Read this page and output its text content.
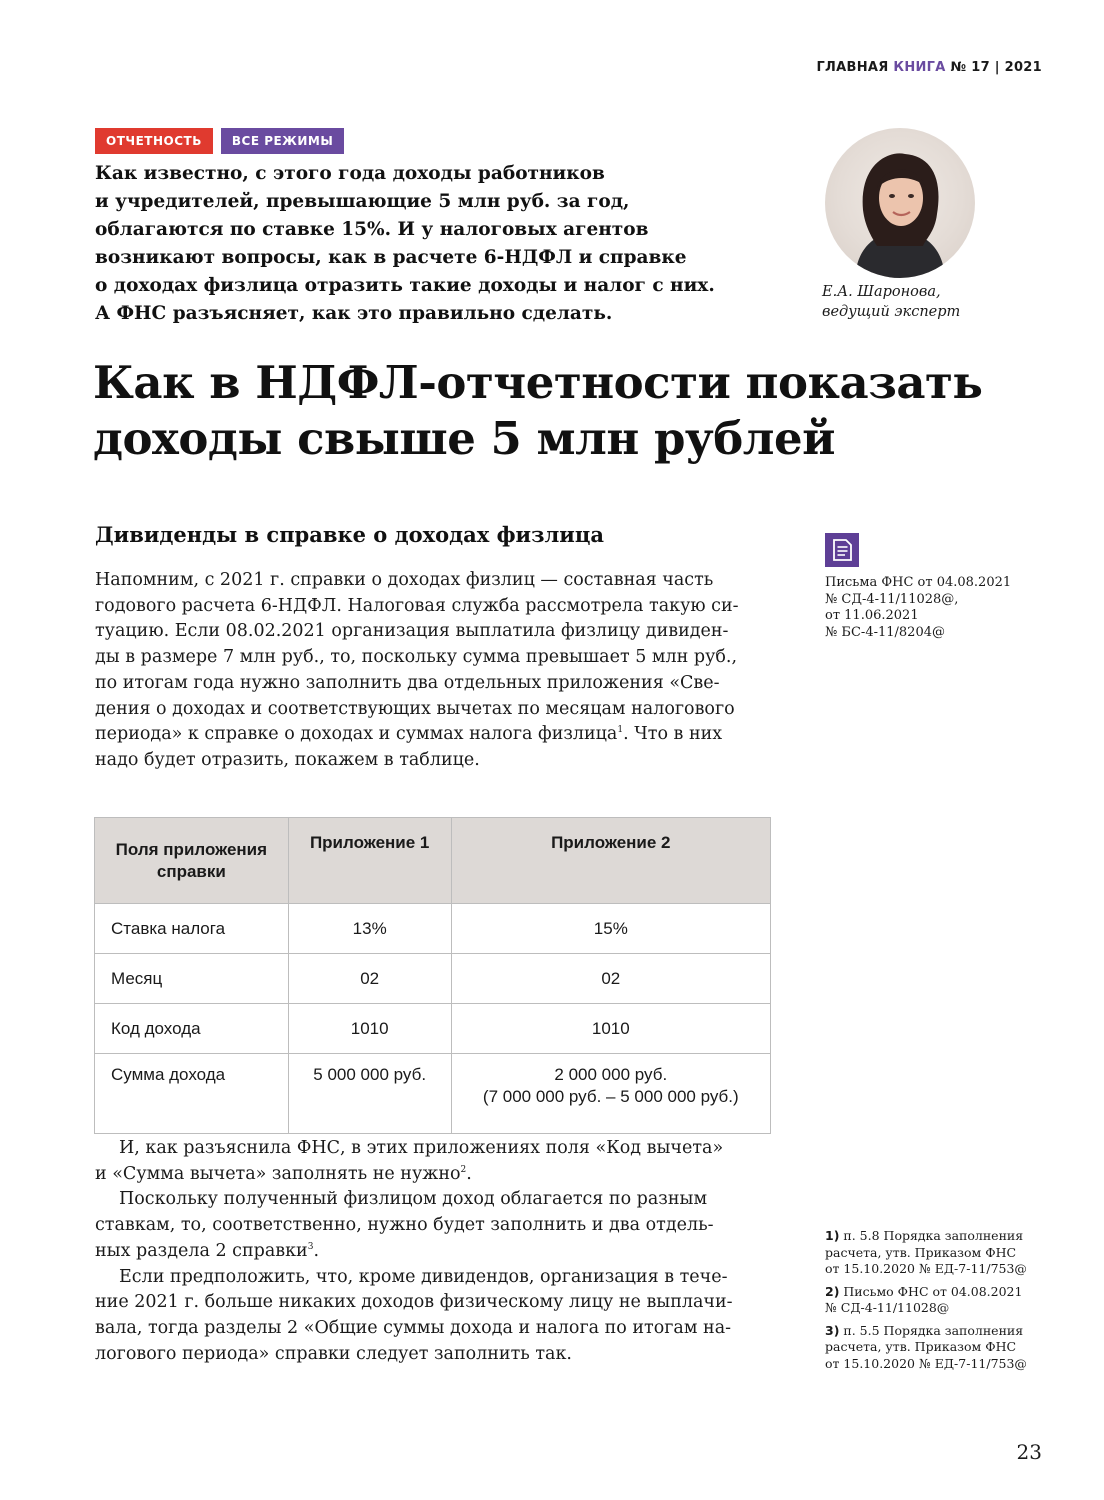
ГЛАВНАЯ КНИГА № 17 | 2021
ОТЧЕТНОСТЬ	ВСЕ РЕЖИМЫ

Как известно, с этого года доходы работников

и учредителей, превышающие 5 млн руб. за год,

облагаются по ставке 15%. И у налоговых агентов

возникают вопросы, как в расчете 6-НДФЛ и справке

о доходах физлица отразить такие доходы и налог с них.

А ФНС разъясняет, как это правильно сделать.

Е.А. Шаронова,
ведущий эксперт
Как в НДФЛ-отчетности показать
доходы свыше 5 млн рублей
Дивиденды в справке о доходах физлица
Напомним, с 2021 г. справки о доходах физлиц — составная часть
годового расчета 6-НДФЛ. Налоговая служба рассмотрела такую си-
туацию. Если 08.02.2021 организация выплатила физлицу дивиден-
ды в размере 7 млн руб., то, поскольку сумма превышает 5 млн руб.,
по итогам года нужно заполнить два отдельных приложения «Све-
дения о доходах и соответствующих вычетах по месяцам налогового
периода» к справке о доходах и суммах налога физлица$^1$. Что в них
надо будет отразить, покажем в таблице.
Письма ФНС от 04.08.2021
№ СД-4-11/11028@,
от 11.06.2021
№ БС-4-11/8204@
Поля приложения
справки	Приложение 1	Приложение 2
Ставка налога	13%	15%
Месяц	02	02
Код дохода	1010	1010
Сумма дохода	5 000 000 руб.	2 000 000 руб.
(7 000 000 руб. – 5 000 000 руб.)
И, как разъяснила ФНС, в этих приложениях поля «Код вычета»
и «Сумма вычета» заполнять не нужно$^2$.
Поскольку полученный физлицом доход облагается по разным
ставкам, то, соответственно, нужно будет заполнить и два отдель-
ных раздела 2 справки$^3$.
Если предположить, что, кроме дивидендов, организация в тече-
ние 2021 г. больше никаких доходов физическому лицу не выплачи-
вала, тогда разделы 2 «Общие суммы дохода и налога по итогам на-
логового периода» справки следует заполнить так.
1) п. 5.8 Порядка заполнения
расчета, утв. Приказом ФНС
от 15.10.2020 № ЕД-7-11/753@
2) Письмо ФНС от 04.08.2021
№ СД-4-11/11028@
3) п. 5.5 Порядка заполнения
расчета, утв. Приказом ФНС
от 15.10.2020 № ЕД-7-11/753@
23
